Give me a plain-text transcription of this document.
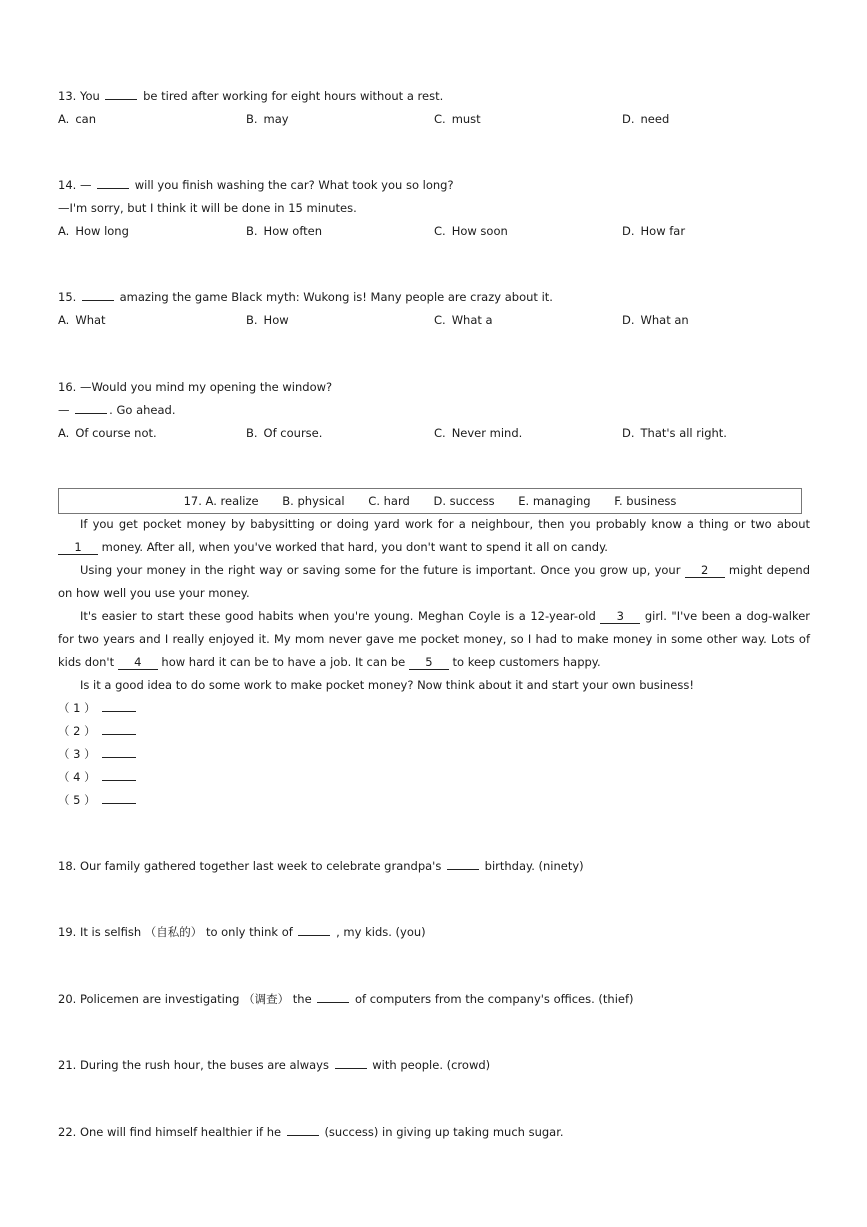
13. You	be tired after working for eight hours without a rest.
A. can	B. may	C. must	D. need
14. —	will you finish washing the car? What took you so long?
—I'm sorry, but I think it will be done in 15 minutes.
A. How long	B. How often	C. How soon	D. How far
15.	amazing the game Black myth: Wukong is! Many people are crazy about it.
A. What	B. How	C. What a	D. What an
16. —Would you mind my opening the window?
—	. Go ahead.
A. Of course not.	B. Of course.	C. Never mind.	D. That's all right.
17. A. realize B. physical C. hard D. success E. managing F. business

If you get pocket money by babysitting or doing yard work for a neighbour, then you probably know a thing or two about 1 money. After all, when you've worked that hard, you don't want to spend it all on candy.

Using your money in the right way or saving some for the future is important. Once you grow up, your 2 might depend on how well you use your money.

It's easier to start these good habits when you're young. Meghan Coyle is a 12-year-old 3 girl. "I've been a dog-walker for two years and I really enjoyed it. My mom never gave me pocket money, so I had to make money in some other way. Lots of kids don't 4 how hard it can be to have a job. It can be 5 to keep customers happy.

Is it a good idea to do some work to make pocket money? Now think about it and start your own business!

（ 1 ）
（ 2 ）
（ 3 ）
（ 4 ）
（ 5 ）
18. Our family gathered together last week to celebrate grandpa's	birthday. (ninety)
19. It is selfish （自私的） to only think of	, my kids. (you)
20. Policemen are investigating （调查） the	of computers from the company's offices. (thief)
21. During the rush hour, the buses are always	with people. (crowd)
22. One will find himself healthier if he	(success) in giving up taking much sugar.
